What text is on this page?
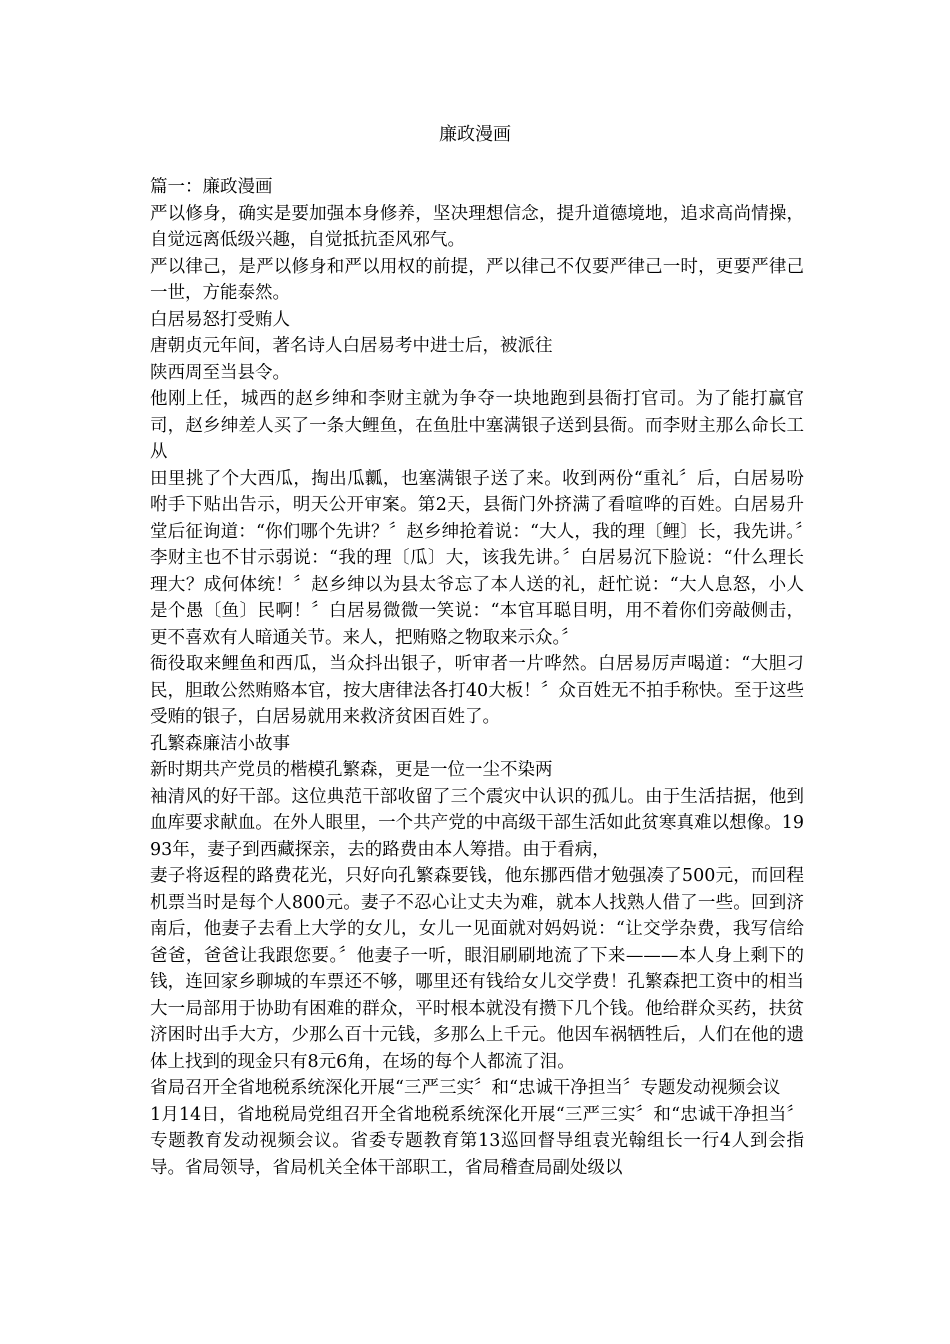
廉政漫画

篇一：廉政漫画

严以修身，确实是要加强本身修养，坚决理想信念，提升道德境地，追求高尚情操，自觉远离低级兴趣，自觉抵抗歪风邪气。

严以律己，是严以修身和严以用权的前提，严以律己不仅要严律己一时，更要严律己一世，方能泰然。

白居易怒打受贿人

唐朝贞元年间，著名诗人白居易考中进士后，被派往

陕西周至当县令。

他刚上任，城西的赵乡绅和李财主就为争夺一块地跑到县衙打官司。为了能打赢官司，赵乡绅差人买了一条大鲤鱼，在鱼肚中塞满银子送到县衙。而李财主那么命长工从

田里挑了个大西瓜，掏出瓜瓤，也塞满银子送了来。收到两份“重礼〞后，白居易吩咐手下贴出告示，明天公开审案。第2天，县衙门外挤满了看喧哗的百姓。白居易升堂后征询道：“你们哪个先讲？〞赵乡绅抢着说：“大人，我的理〔鲤〕长，我先讲。〞李财主也不甘示弱说：“我的理〔瓜〕大，该我先讲。〞白居易沉下脸说：“什么理长理大？成何体统！〞赵乡绅以为县太爷忘了本人送的礼，赶忙说：“大人息怒，小人是个愚〔鱼〕民啊！〞白居易微微一笑说：“本官耳聪目明，用不着你们旁敲侧击，更不喜欢有人暗通关节。来人，把贿赂之物取来示众。〞

衙役取来鲤鱼和西瓜，当众抖出银子，听审者一片哗然。白居易厉声喝道：“大胆刁民，胆敢公然贿赂本官，按大唐律法各打40大板！〞众百姓无不拍手称快。至于这些受贿的银子，白居易就用来救济贫困百姓了。

孔繁森廉洁小故事

新时期共产党员的楷模孔繁森，更是一位一尘不染两

袖清风的好干部。这位典范干部收留了三个震灾中认识的孤儿。由于生活拮据，他到血库要求献血。在外人眼里，一个共产党的中高级干部生活如此贫寒真难以想像。1993年，妻子到西藏探亲，去的路费由本人筹措。由于看病，

妻子将返程的路费花光，只好向孔繁森要钱，他东挪西借才勉强凑了500元，而回程机票当时是每个人800元。妻子不忍心让丈夫为难，就本人找熟人借了一些。回到济南后，他妻子去看上大学的女儿，女儿一见面就对妈妈说：“让交学杂费，我写信给爸爸，爸爸让我跟您要。〞他妻子一听，眼泪刷刷地流了下来———本人身上剩下的钱，连回家乡聊城的车票还不够，哪里还有钱给女儿交学费！孔繁森把工资中的相当大一局部用于协助有困难的群众，平时根本就没有攒下几个钱。他给群众买药，扶贫济困时出手大方，少那么百十元钱，多那么上千元。他因车祸牺牲后，人们在他的遗体上找到的现金只有8元6角，在场的每个人都流了泪。

省局召开全省地税系统深化开展“三严三实〞和“忠诚干净担当〞专题发动视频会议

1月14日，省地税局党组召开全省地税系统深化开展“三严三实〞和“忠诚干净担当〞专题教育发动视频会议。省委专题教育第13巡回督导组袁光翰组长一行4人到会指导。省局领导，省局机关全体干部职工，省局稽查局副处级以
